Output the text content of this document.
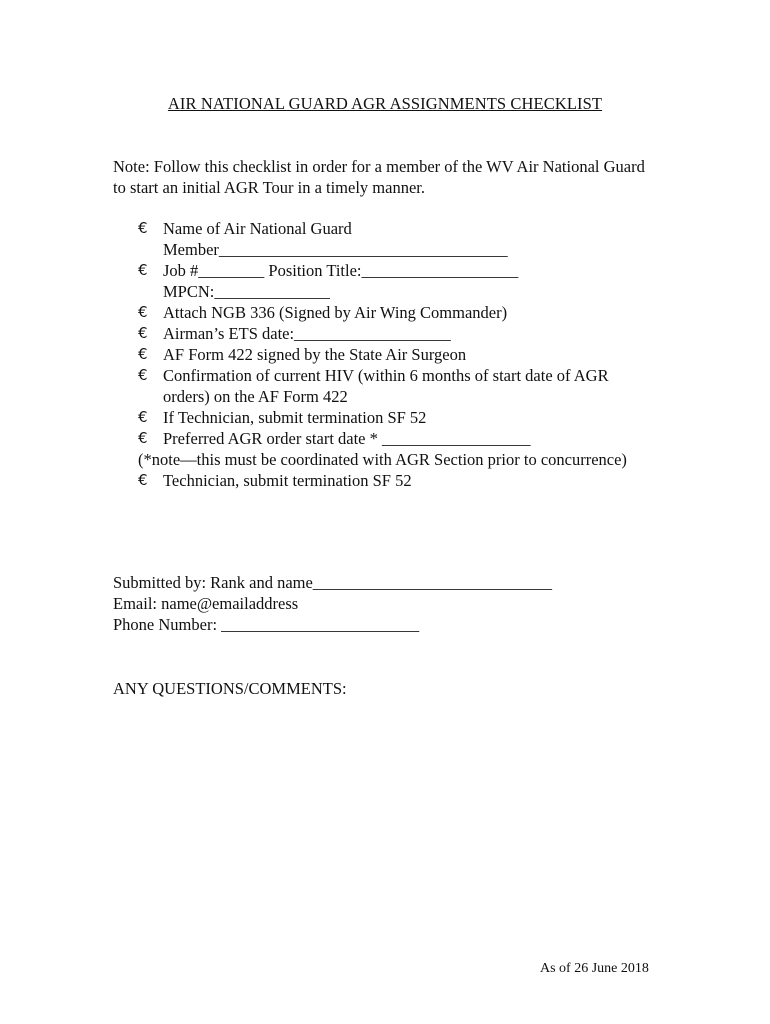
AIR NATIONAL GUARD AGR ASSIGNMENTS CHECKLIST

Note: Follow this checklist in order for a member of the WV Air National Guard to start an initial AGR Tour in a timely manner.

€ Name of Air National Guard
Member___________________________________
€ Job #________ Position Title:___________________
MPCN:______________
€ Attach NGB 336 (Signed by Air Wing Commander)
€ Airman’s ETS date:___________________
€ AF Form 422 signed by the State Air Surgeon
€ Confirmation of current HIV (within 6 months of start date of AGR orders) on the AF Form 422
€ If Technician, submit termination SF 52
€ Preferred AGR order start date * __________________
(*note—this must be coordinated with AGR Section prior to concurrence)
€ Technician, submit termination SF 52
Submitted by: Rank and name_____________________________
Email: name@emailaddress
Phone Number: ________________________
ANY QUESTIONS/COMMENTS:
As of 26 June 2018
